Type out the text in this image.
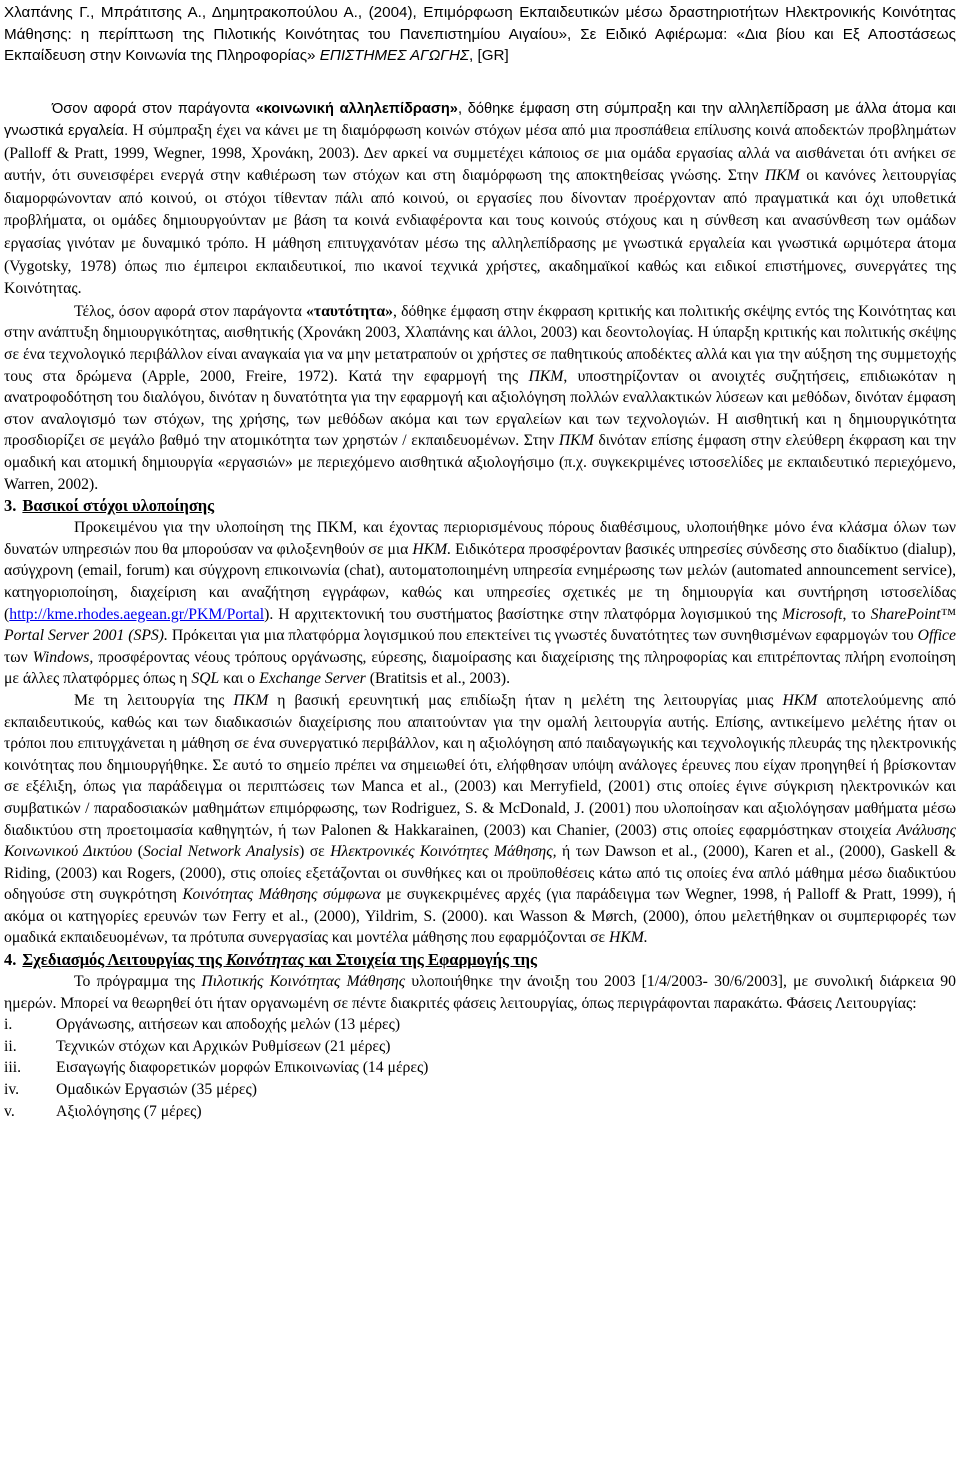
Χλαπάνης Γ., Μπράτιτσης Α., Δημητρακοπούλου Α., (2004), Επιμόρφωση Εκπαιδευτικών μέσω δραστηριοτήτων Ηλεκτρονικής Κοινότητας Μάθησης: η περίπτωση της Πιλοτικής Κοινότητας του Πανεπιστημίου Αιγαίου», Σε Ειδικό Αφιέρωμα: «Δια βίου και Εξ Αποστάσεως Εκπαίδευση στην Κοινωνία της Πληροφορίας» ΕΠΙΣΤΗΜΕΣ ΑΓΩΓΗΣ, [GR]

Όσον αφορά στον παράγοντα «κοινωνική αλληλεπίδραση», δόθηκε έμφαση στη σύμπραξη και την αλληλεπίδραση με άλλα άτομα και γνωστικά εργαλεία. Η σύμπραξη έχει να κάνει με τη διαμόρφωση κοινών στόχων μέσα από μια προσπάθεια επίλυσης κοινά αποδεκτών προβλημάτων (Palloff & Pratt, 1999, Wegner, 1998, Χρονάκη, 2003). Δεν αρκεί να συμμετέχει κάποιος σε μια ομάδα εργασίας αλλά να αισθάνεται ότι ανήκει σε αυτήν, ότι συνεισφέρει ενεργά στην καθιέρωση των στόχων και στη διαμόρφωση της αποκτηθείσας γνώσης. Στην ΠΚΜ οι κανόνες λειτουργίας διαμορφώνονταν από κοινού, οι στόχοι τίθενταν πάλι από κοινού, οι εργασίες που δίνονταν προέρχονταν από πραγματικά και όχι υποθετικά προβλήματα, οι ομάδες δημιουργούνταν με βάση τα κοινά ενδιαφέροντα και τους κοινούς στόχους και η σύνθεση και ανασύνθεση των ομάδων εργασίας γινόταν με δυναμικό τρόπο. Η μάθηση επιτυγχανόταν μέσω της αλληλεπίδρασης με γνωστικά εργαλεία και γνωστικά ωριμότερα άτομα (Vygotsky, 1978) όπως πιο έμπειροι εκπαιδευτικοί, πιο ικανοί τεχνικά χρήστες, ακαδημαϊκοί καθώς και ειδικοί επιστήμονες, συνεργάτες της Κοινότητας.

Τέλος, όσον αφορά στον παράγοντα «ταυτότητα», δόθηκε έμφαση στην έκφραση κριτικής και πολιτικής σκέψης εντός της Κοινότητας και στην ανάπτυξη δημιουργικότητας, αισθητικής (Χρονάκη 2003, Χλαπάνης και άλλοι, 2003) και δεοντολογίας. Η ύπαρξη κριτικής και πολιτικής σκέψης σε ένα τεχνολογικό περιβάλλον είναι αναγκαία για να μην μετατραπούν οι χρήστες σε παθητικούς αποδέκτες αλλά και για την αύξηση της συμμετοχής τους στα δρώμενα (Apple, 2000, Freire, 1972). Κατά την εφαρμογή της ΠΚΜ, υποστηρίζονταν οι ανοιχτές συζητήσεις, επιδιωκόταν η ανατροφοδότηση του διαλόγου, δινόταν η δυνατότητα για την εφαρμογή και αξιολόγηση πολλών εναλλακτικών λύσεων και μεθόδων, δινόταν έμφαση στον αναλογισμό των στόχων, της χρήσης, των μεθόδων ακόμα και των εργαλείων και των τεχνολογιών. Η αισθητική και η δημιουργικότητα προσδιορίζει σε μεγάλο βαθμό την ατομικότητα των χρηστών / εκπαιδευομένων. Στην ΠΚΜ δινόταν επίσης έμφαση στην ελεύθερη έκφραση και την ομαδική και ατομική δημιουργία «εργασιών» με περιεχόμενο αισθητικά αξιολογήσιμο (π.χ. συγκεκριμένες ιστοσελίδες με εκπαιδευτικό περιεχόμενο, Warren, 2002).

3. Βασικοί στόχοι υλοποίησης

Προκειμένου για την υλοποίηση της ΠΚΜ, και έχοντας περιορισμένους πόρους διαθέσιμους, υλοποιήθηκε μόνο ένα κλάσμα όλων των δυνατών υπηρεσιών που θα μπορούσαν να φιλοξενηθούν σε μια ΗΚΜ. Ειδικότερα προσφέρονταν βασικές υπηρεσίες σύνδεσης στο διαδίκτυο (dialup), ασύγχρονη (email, forum) και σύγχρονη επικοινωνία (chat), αυτοματοποιημένη υπηρεσία ενημέρωσης των μελών (automated announcement service), κατηγοριοποίηση, διαχείριση και αναζήτηση εγγράφων, καθώς και υπηρεσίες σχετικές με τη δημιουργία και συντήρηση ιστοσελίδας (http://kme.rhodes.aegean.gr/PKM/Portal). Η αρχιτεκτονική του συστήματος βασίστηκε στην πλατφόρμα λογισμικού της Microsoft, το SharePoint™ Portal Server 2001 (SPS). Πρόκειται για μια πλατφόρμα λογισμικού που επεκτείνει τις γνωστές δυνατότητες των συνηθισμένων εφαρμογών του Office των Windows, προσφέροντας νέους τρόπους οργάνωσης, εύρεσης, διαμοίρασης και διαχείρισης της πληροφορίας και επιτρέποντας πλήρη ενοποίηση με άλλες πλατφόρμες όπως η SQL και ο Exchange Server (Bratitsis et al., 2003).

Με τη λειτουργία της ΠΚΜ η βασική ερευνητική μας επιδίωξη ήταν η μελέτη της λειτουργίας μιας ΗΚΜ αποτελούμενης από εκπαιδευτικούς, καθώς και των διαδικασιών διαχείρισης που απαιτούνταν για την ομαλή λειτουργία αυτής. Επίσης, αντικείμενο μελέτης ήταν οι τρόποι που επιτυγχάνεται η μάθηση σε ένα συνεργατικό περιβάλλον, και η αξιολόγηση από παιδαγωγικής και τεχνολογικής πλευράς της ηλεκτρονικής κοινότητας που δημιουργήθηκε. Σε αυτό το σημείο πρέπει να σημειωθεί ότι, ελήφθησαν υπόψη ανάλογες έρευνες που είχαν προηγηθεί ή βρίσκονταν σε εξέλιξη, όπως για παράδειγμα οι περιπτώσεις των Manca et al., (2003) και Merryfield, (2001) στις οποίες έγινε σύγκριση ηλεκτρονικών και συμβατικών / παραδοσιακών μαθημάτων επιμόρφωσης, των Rodriguez, S. & McDonald, J. (2001) που υλοποίησαν και αξιολόγησαν μαθήματα μέσω διαδικτύου στη προετοιμασία καθηγητών, ή των Palonen & Hakkarainen, (2003) και Chanier, (2003) στις οποίες εφαρμόστηκαν στοιχεία Ανάλυσης Κοινωνικού Δικτύου (Social Network Analysis) σε Ηλεκτρονικές Κοινότητες Μάθησης, ή των Dawson et al., (2000), Karen et al., (2000), Gaskell & Riding, (2003) και Rogers, (2000), στις οποίες εξετάζονται οι συνθήκες και οι προϋποθέσεις κάτω από τις οποίες ένα απλό μάθημα μέσω διαδικτύου οδηγούσε στη συγκρότηση Κοινότητας Μάθησης σύμφωνα με συγκεκριμένες αρχές (για παράδειγμα των Wegner, 1998, ή Palloff & Pratt, 1999), ή ακόμα οι κατηγορίες ερευνών των Ferry et al., (2000), Yildrim, S. (2000). και Wasson & Mørch, (2000), όπου μελετήθηκαν οι συμπεριφορές των ομαδικά εκπαιδευομένων, τα πρότυπα συνεργασίας και μοντέλα μάθησης που εφαρμόζονται σε ΗΚΜ.

4. Σχεδιασμός Λειτουργίας της Κοινότητας και Στοιχεία της Εφαρμογής της

Το πρόγραμμα της Πιλοτικής Κοινότητας Μάθησης υλοποιήθηκε την άνοιξη του 2003 [1/4/2003- 30/6/2003], με συνολική διάρκεια 90 ημερών. Μπορεί να θεωρηθεί ότι ήταν οργανωμένη σε πέντε διακριτές φάσεις λειτουργίας, όπως περιγράφονται παρακάτω. Φάσεις Λειτουργίας:

i.	Οργάνωσης, αιτήσεων και αποδοχής μελών (13 μέρες)
ii.	Τεχνικών στόχων και Αρχικών Ρυθμίσεων (21 μέρες)
iii.	Εισαγωγής διαφορετικών μορφών Επικοινωνίας (14 μέρες)
iv.	Ομαδικών Εργασιών (35 μέρες)
v.	Αξιολόγησης (7 μέρες)
